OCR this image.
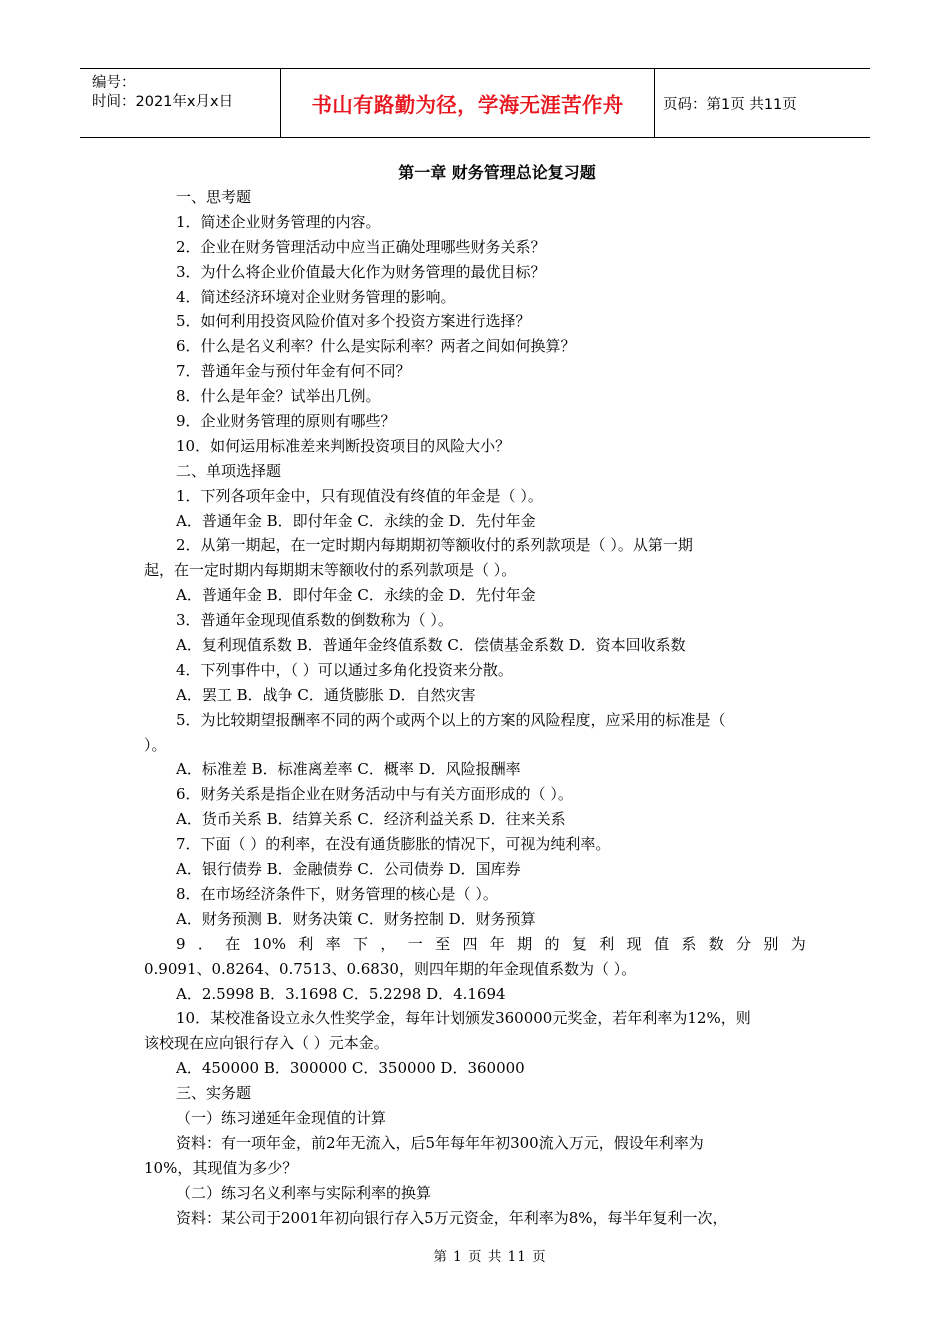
编号：
时间：2021年x月x日	书山有路勤为径，学海无涯苦作舟	页码：第1页 共11页
第一章 财务管理总论复习题
一、思考题
1．简述企业财务管理的内容。
2．企业在财务管理活动中应当正确处理哪些财务关系？
3．为什么将企业价值最大化作为财务管理的最优目标？
4．简述经济环境对企业财务管理的影响。
5．如何利用投资风险价值对多个投资方案进行选择？
6．什么是名义利率？什么是实际利率？两者之间如何换算？
7．普通年金与预付年金有何不同？
8．什么是年金？试举出几例。
9．企业财务管理的原则有哪些？
10．如何运用标准差来判断投资项目的风险大小？
二、单项选择题
1．下列各项年金中，只有现值没有终值的年金是（ ）。
A．普通年金 B．即付年金 C．永续的金 D．先付年金
2．从第一期起，在一定时期内每期期初等额收付的系列款项是（ ）。从第一期
起，在一定时期内每期期末等额收付的系列款项是（ ）。
A．普通年金 B．即付年金 C．永续的金 D．先付年金
3．普通年金现现值系数的倒数称为（ ）。
A．复利现值系数 B．普通年金终值系数 C．偿债基金系数 D．资本回收系数
4．下列事件中，（ ）可以通过多角化投资来分散。
A．罢工 B．战争 C．通货膨胀 D．自然灾害
5．为比较期望报酬率不同的两个或两个以上的方案的风险程度，应采用的标准是（
）。
A．标准差 B．标准离差率 C．概率 D．风险报酬率
6．财务关系是指企业在财务活动中与有关方面形成的（ ）。
A．货币关系 B．结算关系 C．经济利益关系 D．往来关系
7．下面（ ）的利率，在没有通货膨胀的情况下，可视为纯利率。
A．银行债券 B．金融债券 C．公司债券 D．国库券
8．在市场经济条件下，财务管理的核心是（ ）。
A．财务预测 B．财务决策 C．财务控制 D．财务预算
9 ． 在 10% 利 率 下 ， 一 至 四 年 期 的 复 利 现 值 系 数 分 别 为
0.9091、0.8264、0.7513、0.6830，则四年期的年金现值系数为（ ）。
A．2.5998 B．3.1698 C．5.2298 D．4.1694
10．某校准备设立永久性奖学金，每年计划颁发360000元奖金，若年利率为12%，则
该校现在应向银行存入（ ）元本金。
A．450000 B．300000 C．350000 D．360000
三、实务题
（一）练习递延年金现值的计算
资料：有一项年金，前2年无流入，后5年每年年初300流入万元，假设年利率为
10%，其现值为多少？
（二）练习名义利率与实际利率的换算
资料：某公司于2001年初向银行存入5万元资金，年利率为8%，每半年复利一次，
第 1 页 共 11 页
